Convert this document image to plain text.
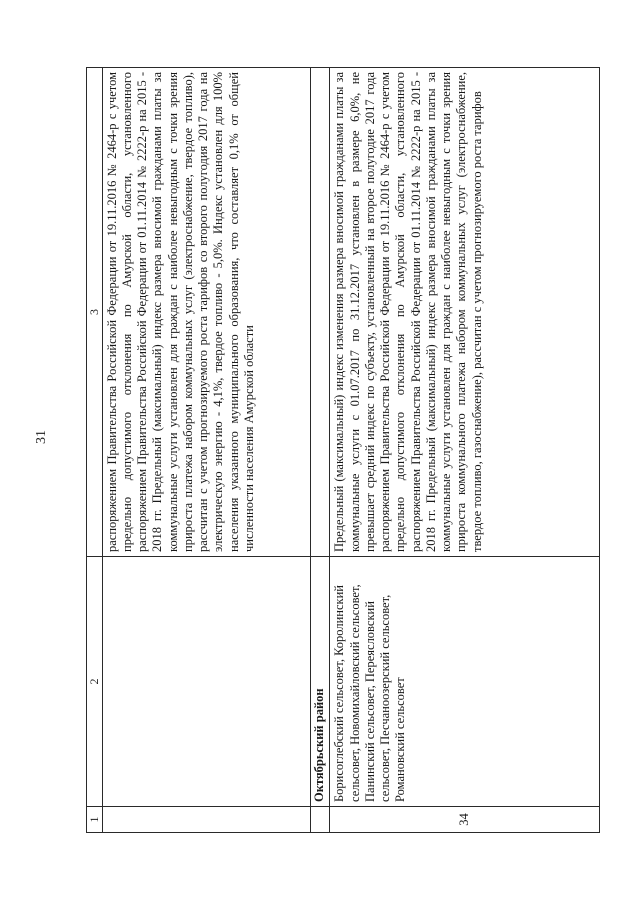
31
1	2	3

		распоряжением Правительства Российской Федерации от 19.11.2016 № 2464-р с учетом предельно допустимого отклонения по Амурской области, установленного распоряжением Правительства Российской Федерации от 01.11.2014 № 2222-р на 2015 - 2018 гг. Предельный (максимальный) индекс размера вносимой гражданами платы за коммунальные услуги установлен для граждан с наиболее невыгодным с точки зрения прироста платежа набором коммунальных услуг (электроснабжение, твердое топливо), рассчитан с учетом прогнозируемого роста тарифов со второго полугодия 2017 года на электрическую энергию - 4,1%, твердое топливо - 5,0%. Индекс установлен для 100% населения указанного муниципального образования, что составляет 0,1% от общей численности населения Амурской области

	Октябрьский район	
34	Борисоглебский сельсовет, Королинский сельсовет, Новомихайловский сельсовет, Панинский сельсовет, Переясловский сельсовет, Песчаноозерский сельсовет, Романовский сельсовет	Предельный (максимальный) индекс изменения размера вносимой гражданами платы за коммунальные услуги с 01.07.2017 по 31.12.2017 установлен в размере 6,0%, не превышает средний индекс по субъекту, установленный на второе полугодие 2017 года распоряжением Правительства Российской Федерации от 19.11.2016 № 2464-р с учетом предельно допустимого отклонения по Амурской области, установленного распоряжением Правительства Российской Федерации от 01.11.2014 № 2222-р на 2015 - 2018 гг. Предельный (максимальный) индекс размера вносимой гражданами платы за коммунальные услуги установлен для граждан с наиболее невыгодным с точки зрения прироста коммунального платежа набором коммунальных услуг (электроснабжение, твердое топливо, газоснабжение), рассчитан с учетом прогнозируемого роста тарифов
